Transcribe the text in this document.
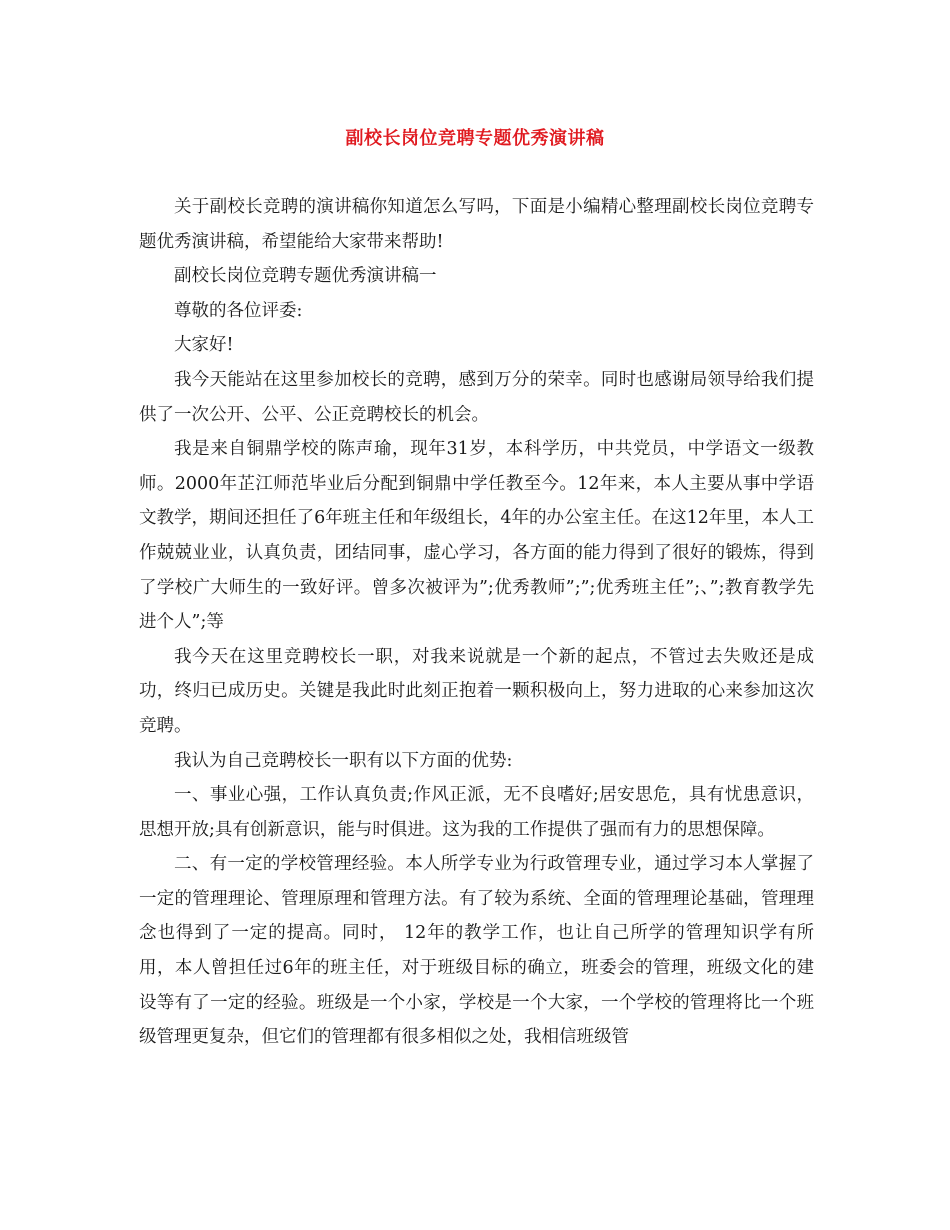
副校长岗位竞聘专题优秀演讲稿

关于副校长竞聘的演讲稿你知道怎么写吗，下面是小编精心整理副校长岗位竞聘专题优秀演讲稿，希望能给大家带来帮助!

副校长岗位竞聘专题优秀演讲稿一

尊敬的各位评委:

大家好!

我今天能站在这里参加校长的竞聘，感到万分的荣幸。同时也感谢局领导给我们提供了一次公开、公平、公正竞聘校长的机会。

我是来自铜鼎学校的陈声瑜，现年31岁，本科学历，中共党员，中学语文一级教师。2000年芷江师范毕业后分配到铜鼎中学任教至今。12年来，本人主要从事中学语文教学，期间还担任了6年班主任和年级组长，4年的办公室主任。在这12年里，本人工作兢兢业业，认真负责，团结同事，虚心学习，各方面的能力得到了很好的锻炼，得到了学校广大师生的一致好评。曾多次被评为”;优秀教师”;”;优秀班主任”;、”;教育教学先进个人”;等

我今天在这里竞聘校长一职，对我来说就是一个新的起点，不管过去失败还是成功，终归已成历史。关键是我此时此刻正抱着一颗积极向上，努力进取的心来参加这次竞聘。

我认为自己竞聘校长一职有以下方面的优势:

一、事业心强，工作认真负责;作风正派，无不良嗜好;居安思危，具有忧患意识，思想开放;具有创新意识，能与时俱进。这为我的工作提供了强而有力的思想保障。

二、有一定的学校管理经验。本人所学专业为行政管理专业，通过学习本人掌握了一定的管理理论、管理原理和管理方法。有了较为系统、全面的管理理论基础，管理理念也得到了一定的提高。同时， 12年的教学工作，也让自己所学的管理知识学有所用，本人曾担任过6年的班主任，对于班级目标的确立，班委会的管理，班级文化的建设等有了一定的经验。班级是一个小家，学校是一个大家，一个学校的管理将比一个班级管理更复杂，但它们的管理都有很多相似之处，我相信班级管
